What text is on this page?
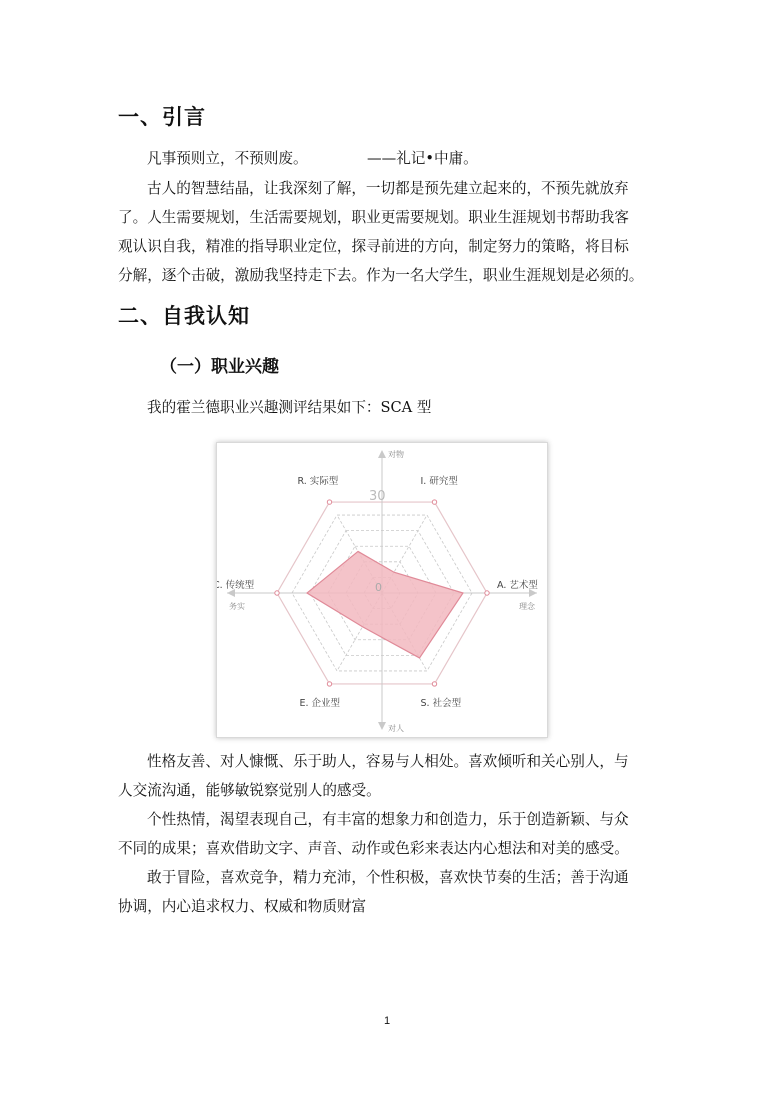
一、引言
凡事预则立，不预则废。	——礼记•中庸。
古人的智慧结晶，让我深刻了解，一切都是预先建立起来的，不预先就放弃
了。人生需要规划，生活需要规划，职业更需要规划。职业生涯规划书帮助我客
观认识自我，精准的指导职业定位，探寻前进的方向，制定努力的策略，将目标
分解，逐个击破，激励我坚持走下去。作为一名大学生，职业生涯规划是必须的。
二、自我认知
（一）职业兴趣
我的霍兰德职业兴趣测评结果如下：SCA 型
对物
对人
务实	理念
30
0
R. 实际型	I. 研究型
A. 艺术型
S. 社会型
E. 企业型
C. 传统型
性格友善、对人慷慨、乐于助人，容易与人相处。喜欢倾听和关心别人，与
人交流沟通，能够敏锐察觉别人的感受。
个性热情，渴望表现自己，有丰富的想象力和创造力，乐于创造新颖、与众
不同的成果；喜欢借助文字、声音、动作或色彩来表达内心想法和对美的感受。
敢于冒险，喜欢竞争，精力充沛，个性积极，喜欢快节奏的生活；善于沟通
协调，内心追求权力、权威和物质财富
1
